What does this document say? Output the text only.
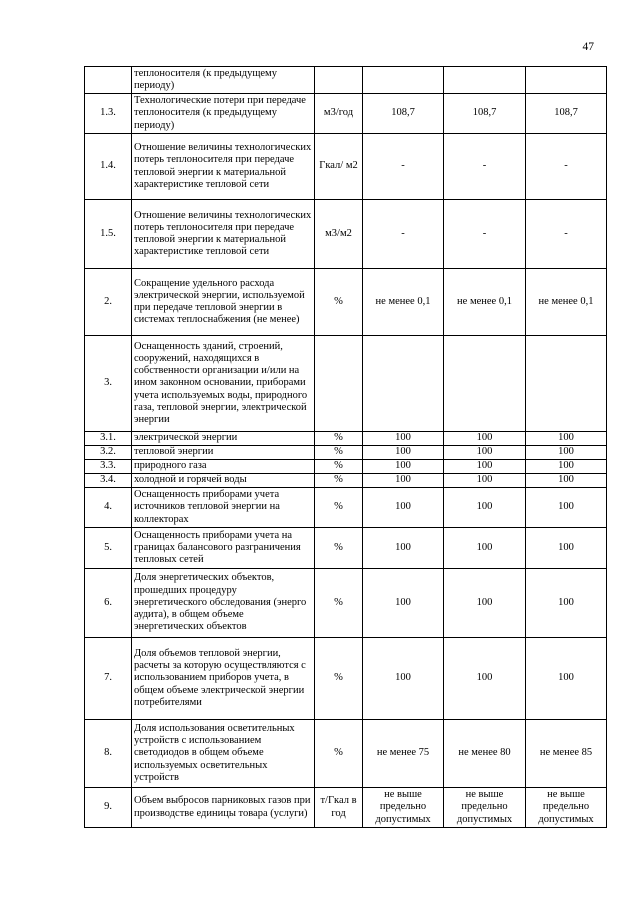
47
	теплоносителя (к предыдущему периоду)				
1.3.	Технологические потери при передаче теплоносителя (к предыдущему периоду)	м3/год	108,7	108,7	108,7
1.4.	Отношение величины технологических потерь теплоносителя при передаче тепловой энергии к материальной характеристике тепловой сети	Гкал/ м2	-	-	-
1.5.	Отношение величины технологических потерь теплоносителя при передаче тепловой энергии к материальной характеристике тепловой сети	м3/м2	-	-	-
2.	Сокращение удельного расхода электрической энергии, используемой при передаче тепловой энергии в системах теплоснабжения (не менее)	%	не менее 0,1	не менее 0,1	не менее 0,1
3.	Оснащенность зданий, строений, сооружений, находящихся в собственности организации и/или на ином законном основании, приборами учета используемых воды, природного газа, тепловой энергии, электрической энергии				
3.1.	электрической энергии	%	100	100	100
3.2.	тепловой энергии	%	100	100	100
3.3.	природного газа	%	100	100	100
3.4.	холодной и горячей воды	%	100	100	100
4.	Оснащенность приборами учета источников тепловой энергии на коллекторах	%	100	100	100
5.	Оснащенность приборами учета на границах балансового разграничения тепловых сетей	%	100	100	100
6.	Доля энергетических объектов, прошедших процедуру энергетического обследования (энерго аудита), в общем объеме энергетических объектов	%	100	100	100
7.	Доля объемов тепловой энергии, расчеты за которую осуществляются с использованием приборов учета, в общем объеме электрической энергии потребителями	%	100	100	100
8.	Доля использования осветительных устройств с использованием светодиодов в общем объеме используемых осветительных устройств	%	не менее 75	не менее 80	не менее 85
9.	Объем выбросов парниковых газов при производстве единицы товара (услуги)	т/Гкал в год	не выше предельно допустимых	не выше предельно допустимых	не выше предельно допустимых
